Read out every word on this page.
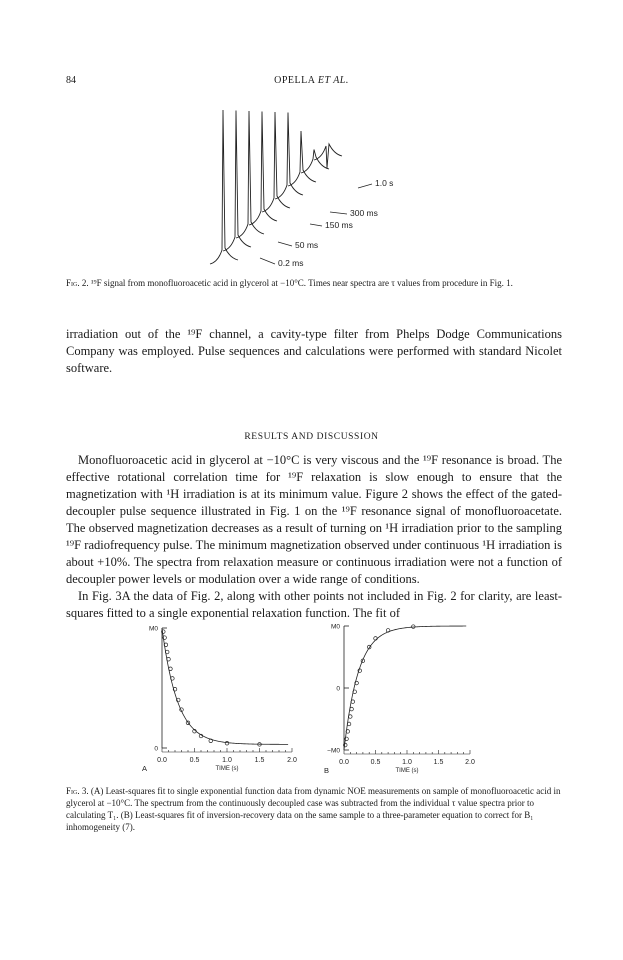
84	OPELLA ET AL.
1.0 s
300 ms
150 ms
50 ms
0.2 ms
Fig. 2. ¹⁹F signal from monofluoroacetic acid in glycerol at −10°C. Times near spectra are τ values from procedure in Fig. 1.

irradiation out of the ¹⁹F channel, a cavity-type filter from Phelps Dodge Communications Company was employed. Pulse sequences and calculations were performed with standard Nicolet software.

RESULTS AND DISCUSSION

Monofluoroacetic acid in glycerol at −10°C is very viscous and the ¹⁹F resonance is broad. The effective rotational correlation time for ¹⁹F relaxation is slow enough to ensure that the magnetization with ¹H irradiation is at its minimum value. Figure 2 shows the effect of the gated-decoupler pulse sequence illustrated in Fig. 1 on the ¹⁹F resonance signal of monofluoroacetate. The observed magnetization decreases as a result of turning on ¹H irradiation prior to the sampling ¹⁹F radiofrequency pulse. The minimum magnetization observed under continuous ¹H irradiation is about +10%. The spectra from relaxation measure or continuous irradiation were not a function of decoupler power levels or modulation over a wide range of conditions.

In Fig. 3A the data of Fig. 2, along with other points not included in Fig. 2 for clarity, are least-squares fitted to a single exponential relaxation function. The fit of

0.0	0.5	1.0	1.5	2.0
TIME (s)
A
M0
0
0.0	0.5	1.0	1.5	2.0
TIME (s)
B
M0
0
−M0
Fig. 3. (A) Least-squares fit to single exponential function data from dynamic NOE measurements on sample of monofluoroacetic acid in glycerol at −10°C. The spectrum from the continuously decoupled case was subtracted from the individual τ value spectra prior to calculating T₁. (B) Least-squares fit of inversion-recovery data on the same sample to a three-parameter equation to correct for B₁ inhomogeneity (7).
